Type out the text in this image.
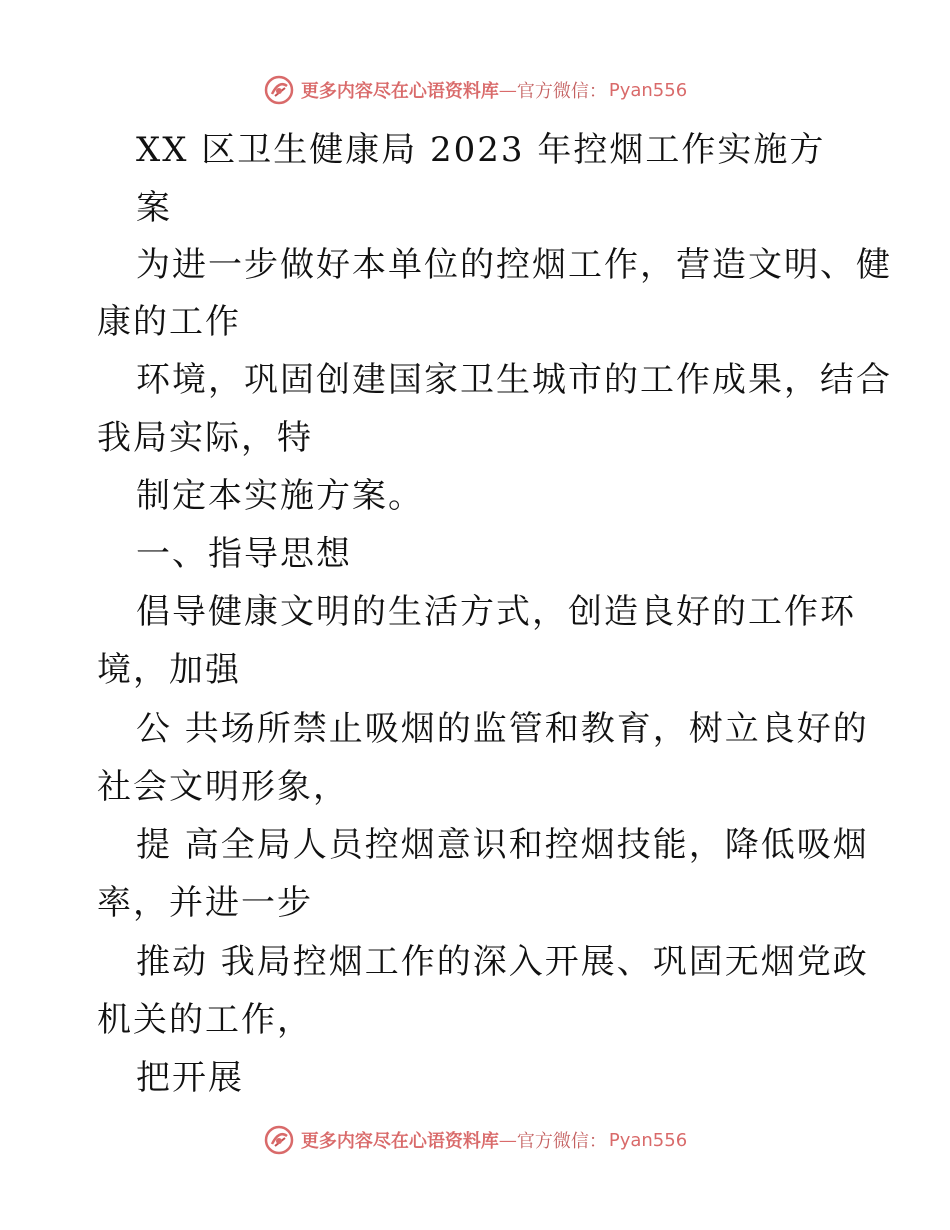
更多内容尽在心语资料库 — 官方微信： Pyan556
XX 区卫生健康局 2023 年控烟工作实施方
案
为进一步做好本单位的控烟工作，营造文明、健
康的工作
环境，巩固创建国家卫生城市的工作成果，结合
我局实际，特
制定本实施方案。
一、指导思想
倡导健康文明的生活方式，创造良好的工作环
境，加强
公 共场所禁止吸烟的监管和教育，树立良好的
社会文明形象，
提 高全局人员控烟意识和控烟技能，降低吸烟
率，并进一步
推动 我局控烟工作的深入开展、巩固无烟党政
机关的工作，
把开展
更多内容尽在心语资料库 — 官方微信： Pyan556
